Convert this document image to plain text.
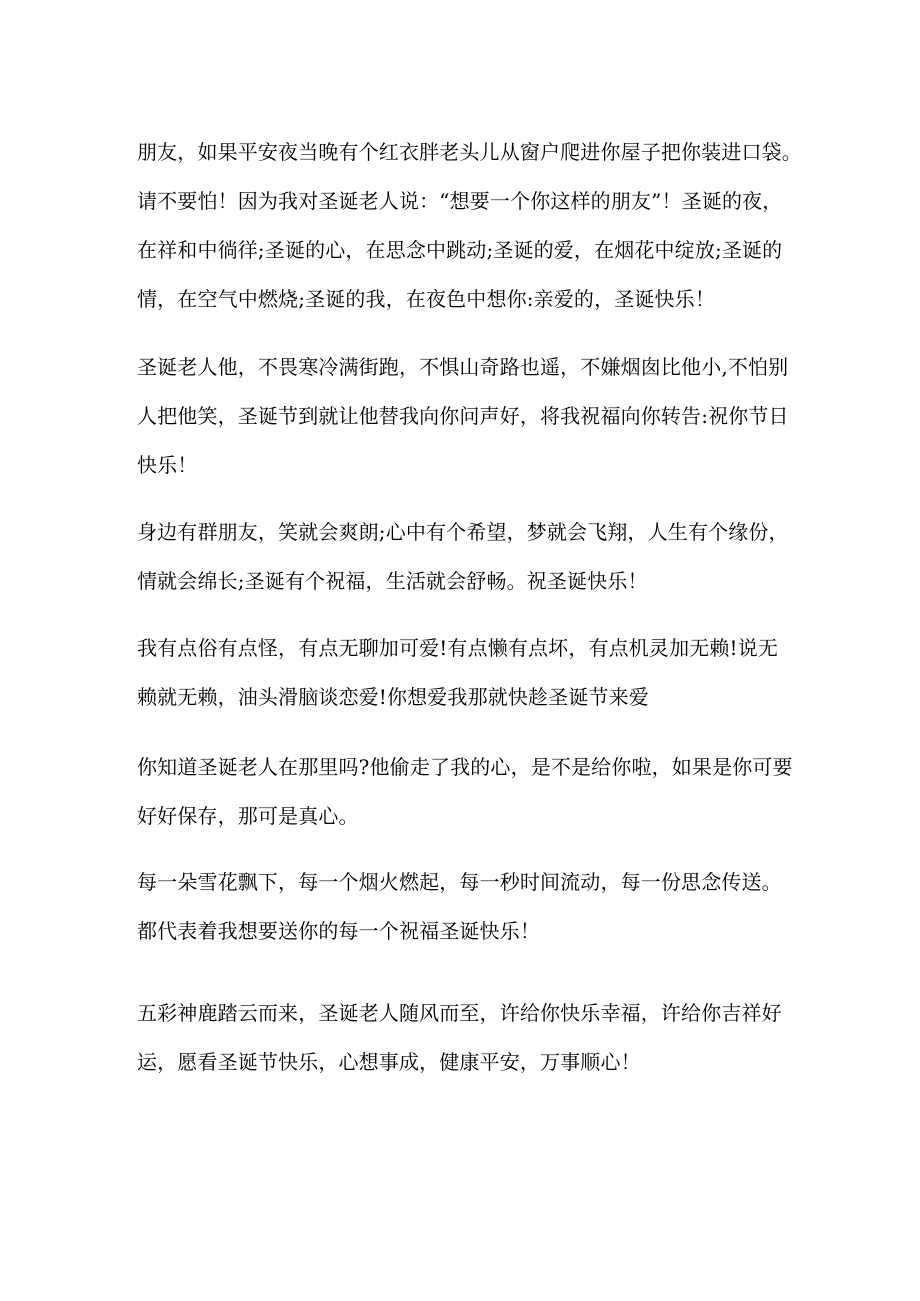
朋友，如果平安夜当晚有个红衣胖老头儿从窗户爬进你屋子把你装进口袋。
请不要怕！因为我对圣诞老人说：“想要一个你这样的朋友”！圣诞的夜，
在祥和中徜徉;圣诞的心，在思念中跳动;圣诞的爱，在烟花中绽放;圣诞的
情，在空气中燃烧;圣诞的我，在夜色中想你:亲爱的，圣诞快乐！

圣诞老人他，不畏寒冷满街跑，不惧山奇路也遥，不嫌烟囱比他小,不怕别
人把他笑，圣诞节到就让他替我向你问声好，将我祝福向你转告:祝你节日
快乐！

身边有群朋友，笑就会爽朗;心中有个希望，梦就会飞翔，人生有个缘份，
情就会绵长;圣诞有个祝福，生活就会舒畅。祝圣诞快乐！

我有点俗有点怪，有点无聊加可爱!有点懒有点坏，有点机灵加无赖!说无
赖就无赖，油头滑脑谈恋爱!你想爱我那就快趁圣诞节来爱

你知道圣诞老人在那里吗?他偷走了我的心，是不是给你啦，如果是你可要
好好保存，那可是真心。

每一朵雪花飘下，每一个烟火燃起，每一秒时间流动，每一份思念传送。
都代表着我想要送你的每一个祝福圣诞快乐！

五彩神鹿踏云而来，圣诞老人随风而至，许给你快乐幸福，许给你吉祥好
运，愿看圣诞节快乐，心想事成，健康平安，万事顺心！
